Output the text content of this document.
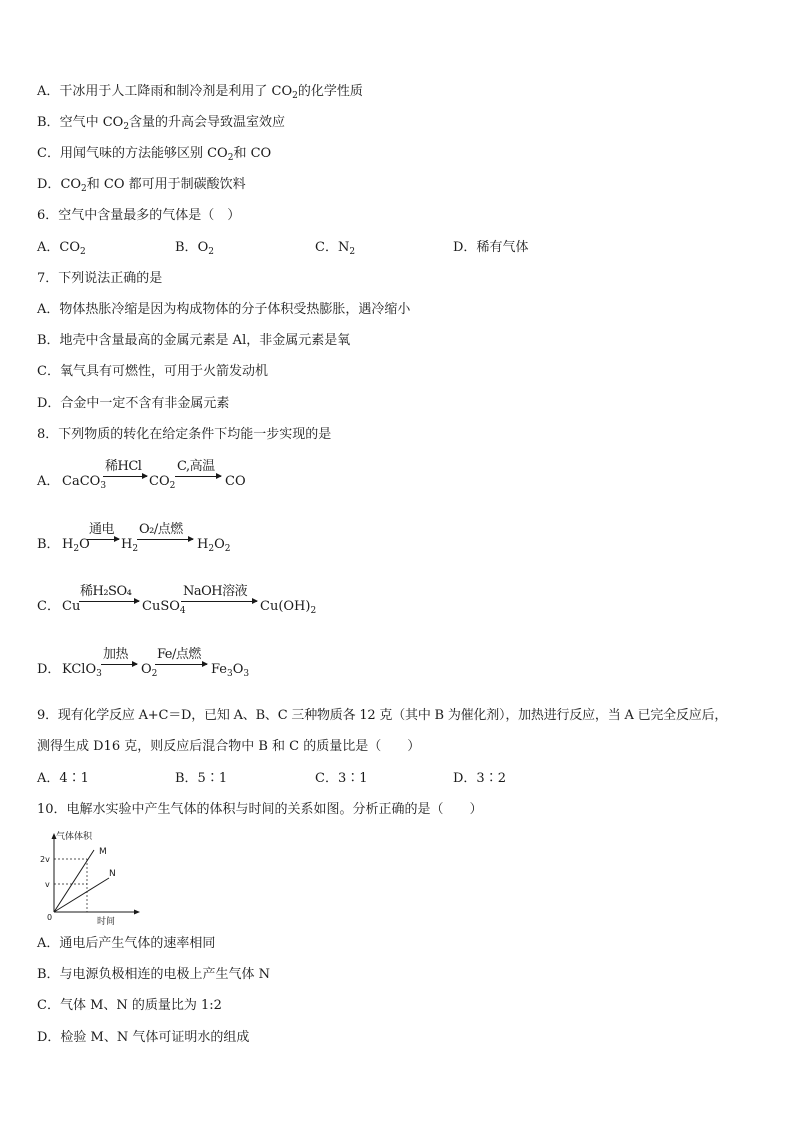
A．干冰用于人工降雨和制冷剂是利用了 $CO_2$的化学性质
B．空气中 $CO_2$含量的升高会导致温室效应
C．用闻气味的方法能够区别 $CO_2$和 CO
D．$CO_2$和 CO 都可用于制碳酸饮料
6．空气中含量最多的气体是（　）
A．$CO_2$	B．$O_2$	C．$N_2$	D．稀有气体
7．下列说法正确的是
A．物体热胀冷缩是因为构成物体的分子体积受热膨胀，遇冷缩小
B．地壳中含量最高的金属元素是 Al，非金属元素是氧
C．氧气具有可燃性，可用于火箭发动机
D．合金中一定不含有非金属元素
8．下列物质的转化在给定条件下均能一步实现的是
A． CaCO$_3$
稀HCl
$CO_2$
C,高温
CO
B． $H_2O$
通电
$H_2$
O₂/点燃
$H_2O_2$
C． Cu
稀H₂SO₄
CuSO$_4$
NaOH溶液
$Cu(OH)_2$
D． KClO$_3$
加热
$O_2$
Fe/点燃
$Fe_3O_3$
9．现有化学反应 A+C＝D，已知 A、B、C 三种物质各 12 克（其中 B 为催化剂），加热进行反应，当 A 已完全反应后，
测得生成 D16 克，则反应后混合物中 B 和 C 的质量比是（　　）
A．4∶1	B．5∶1	C．3∶1	D．3∶2
10．电解水实验中产生气体的体积与时间的关系如图。分析正确的是（　　）
气体体积
时间
0
2v
v
M
N
A．通电后产生气体的速率相同
B．与电源负极相连的电极上产生气体 N
C．气体 M、N 的质量比为 1:2
D．检验 M、N 气体可证明水的组成
